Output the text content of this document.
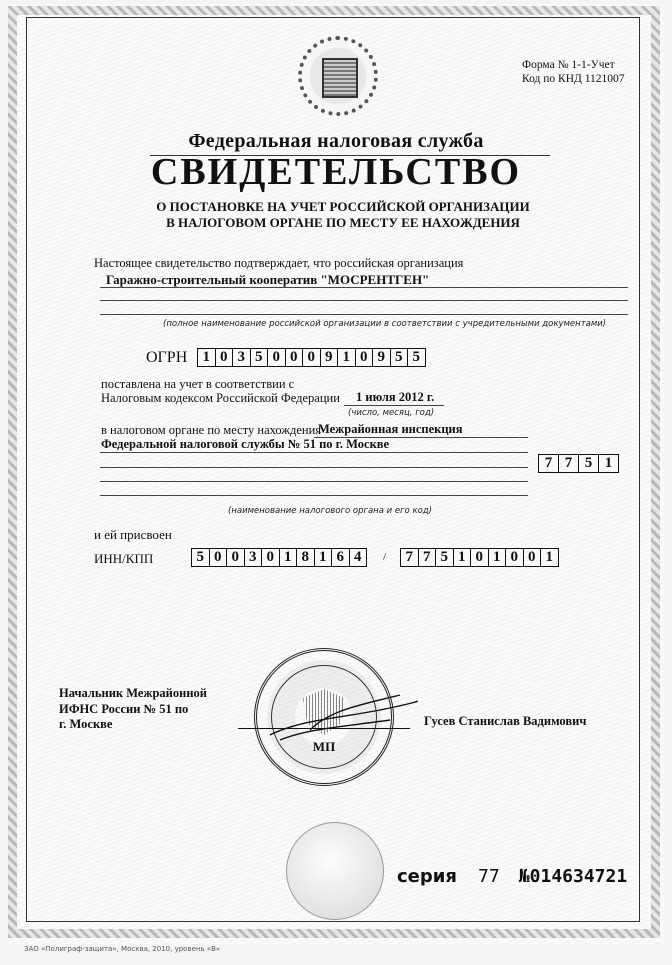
Форма № 1-1-Учет
Код по КНД 1121007
Федеральная налоговая служба
СВИДЕТЕЛЬСТВО
О ПОСТАНОВКЕ НА УЧЕТ РОССИЙСКОЙ ОРГАНИЗАЦИИ
В НАЛОГОВОМ ОРГАНЕ ПО МЕСТУ ЕЕ НАХОЖДЕНИЯ
Настоящее свидетельство подтверждает, что российская организация
Гаражно-строительный кооператив "МОСРЕНТГЕН"
(полное наименование российской организации в соответствии с учредительными документами)
ОГРН	1 0 3 5 0 0 0 9 1 0 9 5 5
поставлена на учет в соответствии с
Налоговым кодексом Российской Федерации 1 июля 2012 г.
(число, месяц, год)
в налоговом органе по месту нахождения
Межрайонная инспекция
Федеральной налоговой службы № 51 по г. Москве
7 7 5 1
(наименование налогового органа и его код)
и ей присвоен
ИНН/КПП	5 0 0 3 0 1 8 1 6 4	/	7 7 5 1 0 1 0 0 1
Начальник Межрайонной
ИФНС России № 51 по
г. Москве
МП
Гусев Станислав Вадимович
серия 77 №014634721
ЗАО «Полиграф-защита», Москва, 2010, уровень «В»
